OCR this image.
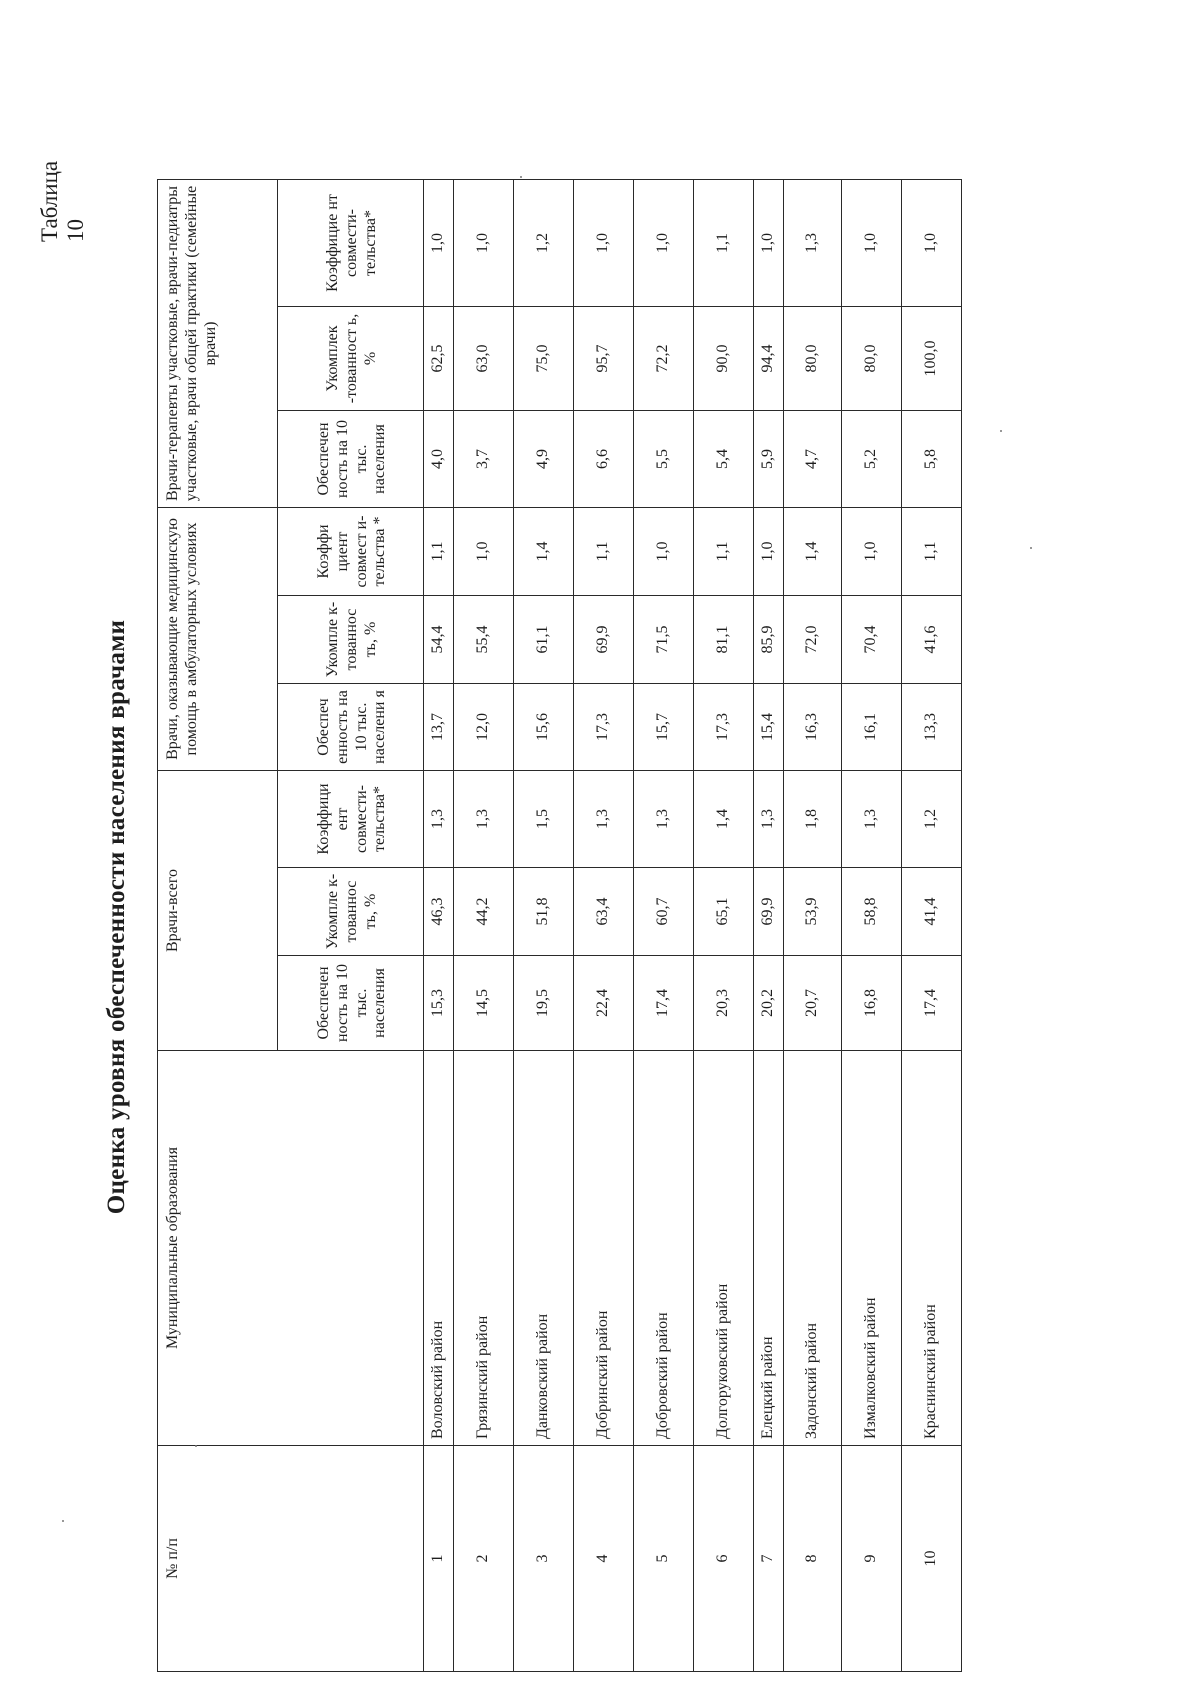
Таблица 10
Оценка уровня обеспеченности населения врачами
№ п/п	Муниципальные образования	Врачи-всего			Врачи, оказывающие медицинскую помощь в амбулаторных условиях			Врачи-терапевты участковые, врачи-педиатры участковые, врачи общей практики (семейные врачи)		
		Обеспечен ность на 10 тыс. населения	Укомпле к-тованнос ть, %	Коэффици ент совмести-тельства*	Обеспеч енность на 10 тыс. населени я	Укомпле к-тованнос ть, %	Коэффи циент совмест и-тельства *	Обеспечен ность на 10 тыс. населения	Укомплек -тованност ь, %	Коэффицие нт совмести-тельства*
1	Воловский район	15,3	46,3	1,3	13,7	54,4	1,1	4,0	62,5	1,0
2	Грязинский район	14,5	44,2	1,3	12,0	55,4	1,0	3,7	63,0	1,0
3	Данковский район	19,5	51,8	1,5	15,6	61,1	1,4	4,9	75,0	1,2
4	Добринский район	22,4	63,4	1,3	17,3	69,9	1,1	6,6	95,7	1,0
5	Добровский район	17,4	60,7	1,3	15,7	71,5	1,0	5,5	72,2	1,0
6	Долгоруковский район	20,3	65,1	1,4	17,3	81,1	1,1	5,4	90,0	1,1
7	Елецкий район	20,2	69,9	1,3	15,4	85,9	1,0	5,9	94,4	1,0
8	Задонский район	20,7	53,9	1,8	16,3	72,0	1,4	4,7	80,0	1,3
9	Измалковский район	16,8	58,8	1,3	16,1	70,4	1,0	5,2	80,0	1,0
10	Краснинский район	17,4	41,4	1,2	13,3	41,6	1,1	5,8	100,0	1,0
